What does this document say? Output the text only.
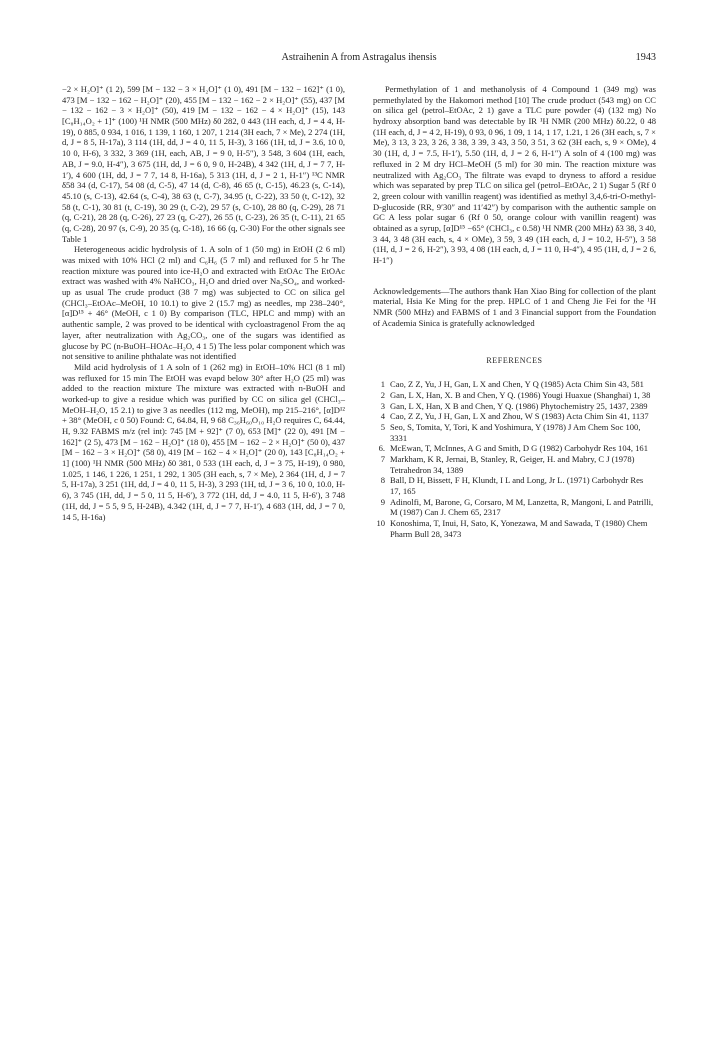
Astraihenin A from Astragalus ihensis	1943

−2 × H₂O]⁺ (1 2), 599 [M − 132 − 3 × H₂O]⁺ (1 0), 491 [M − 132 − 162]⁺ (1 0), 473 [M − 132 − 162 − H₂O]⁺ (20), 455 [M − 132 − 162 − 2 × H₂O]⁺ (55), 437 [M − 132 − 162 − 3 × H₂O]⁺ (50), 419 [M − 132 − 162 − 4 × H₂O]⁺ (15), 143 [C₈H₁₄O₂ + 1]⁺ (100) ¹H NMR (500 MHz) δ0 282, 0 443 (1H each, d, J = 4 4, H-19), 0 885, 0 934, 1 016, 1 139, 1 160, 1 207, 1 214 (3H each, 7 × Me), 2 274 (1H, d, J = 8 5, H-17a), 3 114 (1H, dd, J = 4 0, 11 5, H-3), 3 166 (1H, td, J = 3.6, 10 0, 10 0, H-6), 3 332, 3 369 (1H, each, AB, J = 9 0, H-5″), 3 548, 3 604 (1H, each, AB, J = 9.0, H-4″), 3 675 (1H, dd, J = 6 0, 9 0, H-24B), 4 342 (1H, d, J = 7 7, H-1′), 4 600 (1H, dd, J = 7 7, 14 8, H-16a), 5 313 (1H, d, J = 2 1, H-1″) ¹³C NMR δ58 34 (d, C-17), 54 08 (d, C-5), 47 14 (d, C-8), 46 65 (t, C-15), 46.23 (s, C-14), 45.10 (s, C-13), 42.64 (s, C-4), 38 63 (t, C-7), 34.95 (t, C-22), 33 50 (t, C-12), 32 58 (t, C-1), 30 81 (t, C-19), 30 29 (t, C-2), 29 57 (s, C-10), 28 80 (q, C-29), 28 71 (q, C-21), 28 28 (q, C-26), 27 23 (q, C-27), 26 55 (t, C-23), 26 35 (t, C-11), 21 65 (q, C-28), 20 97 (s, C-9), 20 35 (q, C-18), 16 66 (q, C-30) For the other signals see Table 1

Heterogeneous acidic hydrolysis of 1. A soln of 1 (50 mg) in EtOH (2 6 ml) was mixed with 10% HCl (2 ml) and C₆H₆ (5 7 ml) and refluxed for 5 hr The reaction mixture was poured into ice-H₂O and extracted with EtOAc The EtOAc extract was washed with 4% NaHCO₃, H₂O and dried over Na₂SO₄, and worked-up as usual The crude product (38 7 mg) was subjected to CC on silica gel (CHCl₃–EtOAc–MeOH, 10 10.1) to give 2 (15.7 mg) as needles, mp 238–240°, [α]D¹⁵ + 46° (MeOH, c 1 0) By comparison (TLC, HPLC and mmp) with an authentic sample, 2 was proved to be identical with cycloastragenol From the aq layer, after neutralization with Ag₂CO₃, one of the sugars was identified as glucose by PC (n-BuOH–HOAc–H₂O, 4 1 5) The less polar component which was not sensitive to aniline phthalate was not identified

Mild acid hydrolysis of 1 A soln of 1 (262 mg) in EtOH–10% HCl (8 1 ml) was refluxed for 15 min The EtOH was evapd below 30° after H₂O (25 ml) was added to the reaction mixture The mixture was extracted with n-BuOH and worked-up to give a residue which was purified by CC on silica gel (CHCl₃–MeOH–H₂O, 15 2.1) to give 3 as needles (112 mg, MeOH), mp 215–216°, [α]D¹² + 38° (MeOH, c 0 50) Found: C, 64.84, H, 9 68 C₃₆H₆₀O₁₀ H₂O requires C, 64.44, H, 9.32 FABMS m/z (rel int): 745 [M + 92]⁺ (7 0), 653 [M]⁺ (22 0), 491 [M − 162]⁺ (2 5), 473 [M − 162 − H₂O]⁺ (18 0), 455 [M − 162 − 2 × H₂O]⁺ (50 0), 437 [M − 162 − 3 × H₂O]⁺ (58 0), 419 [M − 162 − 4 × H₂O]⁺ (20 0), 143 [C₈H₁₄O₂ + 1] (100) ¹H NMR (500 MHz) δ0 381, 0 533 (1H each, d, J = 3 75, H-19), 0 980, 1.025, 1 146, 1 226, 1 251, 1 292, 1 305 (3H each, s, 7 × Me), 2 364 (1H, d, J = 7 5, H-17a), 3 251 (1H, dd, J = 4 0, 11 5, H-3), 3 293 (1H, td, J = 3 6, 10 0, 10.0, H-6), 3 745 (1H, dd, J = 5 0, 11 5, H-6′), 3 772 (1H, dd, J = 4.0, 11 5, H-6′), 3 748 (1H, dd, J = 5 5, 9 5, H-24B), 4.342 (1H, d, J = 7 7, H-1′), 4 683 (1H, dd, J = 7 0, 14 5, H-16a)

Permethylation of 1 and methanolysis of 4 Compound 1 (349 mg) was permethylated by the Hakomori method [10] The crude product (543 mg) on CC on silica gel (petrol–EtOAc, 2 1) gave a TLC pure powder (4) (132 mg) No hydroxy absorption band was detectable by IR ¹H NMR (200 MHz) δ0.22, 0 48 (1H each, d, J = 4 2, H-19), 0 93, 0 96, 1 09, 1 14, 1 17, 1.21, 1 26 (3H each, s, 7 × Me), 3 13, 3 23, 3 26, 3 38, 3 39, 3 43, 3 50, 3 51, 3 62 (3H each, s, 9 × OMe), 4 30 (1H, d, J = 7.5, H-1′), 5.50 (1H, d, J = 2 6, H-1″) A soln of 4 (100 mg) was refluxed in 2 M dry HCl–MeOH (5 ml) for 30 min. The reaction mixture was neutralized with Ag₂CO₃ The filtrate was evapd to dryness to afford a residue which was separated by prep TLC on silica gel (petrol–EtOAc, 2 1) Sugar 5 (Rf 0 2, green colour with vanillin reagent) was identified as methyl 3,4,6-tri-O-methyl-D-glucoside (RR, 9′30″ and 11′42″) by comparison with the authentic sample on GC A less polar sugar 6 (Rf 0 50, orange colour with vanillin reagent) was obtained as a syrup, [α]D¹⁵ −65° (CHCl₃, c 0.58) ¹H NMR (200 MHz) δ3 38, 3 40, 3 44, 3 48 (3H each, s, 4 × OMe), 3 59, 3 49 (1H each, d, J = 10.2, H-5″), 3 58 (1H, d, J = 2 6, H-2″), 3 93, 4 08 (1H each, d, J = 11 0, H-4″), 4 95 (1H, d, J = 2 6, H-1″)

Acknowledgements—The authors thank Han Xiao Bing for collection of the plant material, Hsia Ke Ming for the prep. HPLC of 1 and Cheng Jie Fei for the ¹H NMR (500 MHz) and FABMS of 1 and 3 Financial support from the Foundation of Academia Sinica is gratefully acknowledged

REFERENCES
1 Cao, Z Z, Yu, J H, Gan, L X and Chen, Y Q (1985) Acta Chim Sin 43, 581
2 Gan, L X, Han, X. B and Chen, Y Q. (1986) Yougi Huaxue (Shanghai) 1, 38
3 Gan, L X, Han, X B and Chen, Y Q. (1986) Phytochemistry 25, 1437, 2389
4 Cao, Z Z, Yu, J H, Gan, L X and Zhou, W S (1983) Acta Chim Sin 41, 1137
5 Seo, S, Tomita, Y, Tori, K and Yoshimura, Y (1978) J Am Chem Soc 100, 3331
6. McEwan, T, McInnes, A G and Smith, D G (1982) Carbohydr Res 104, 161
7 Markham, K R, Jernai, B, Stanley, R, Geiger, H. and Mabry, C J (1978) Tetrahedron 34, 1389
8 Ball, D H, Bissett, F H, Klundt, I L and Long, Jr L. (1971) Carbohydr Res 17, 165
9 Adinolfi, M, Barone, G, Corsaro, M M, Lanzetta, R, Mangoni, L and Patrilli, M (1987) Can J. Chem 65, 2317
10 Konoshima, T, Inui, H, Sato, K, Yonezawa, M and Sawada, T (1980) Chem Pharm Bull 28, 3473
